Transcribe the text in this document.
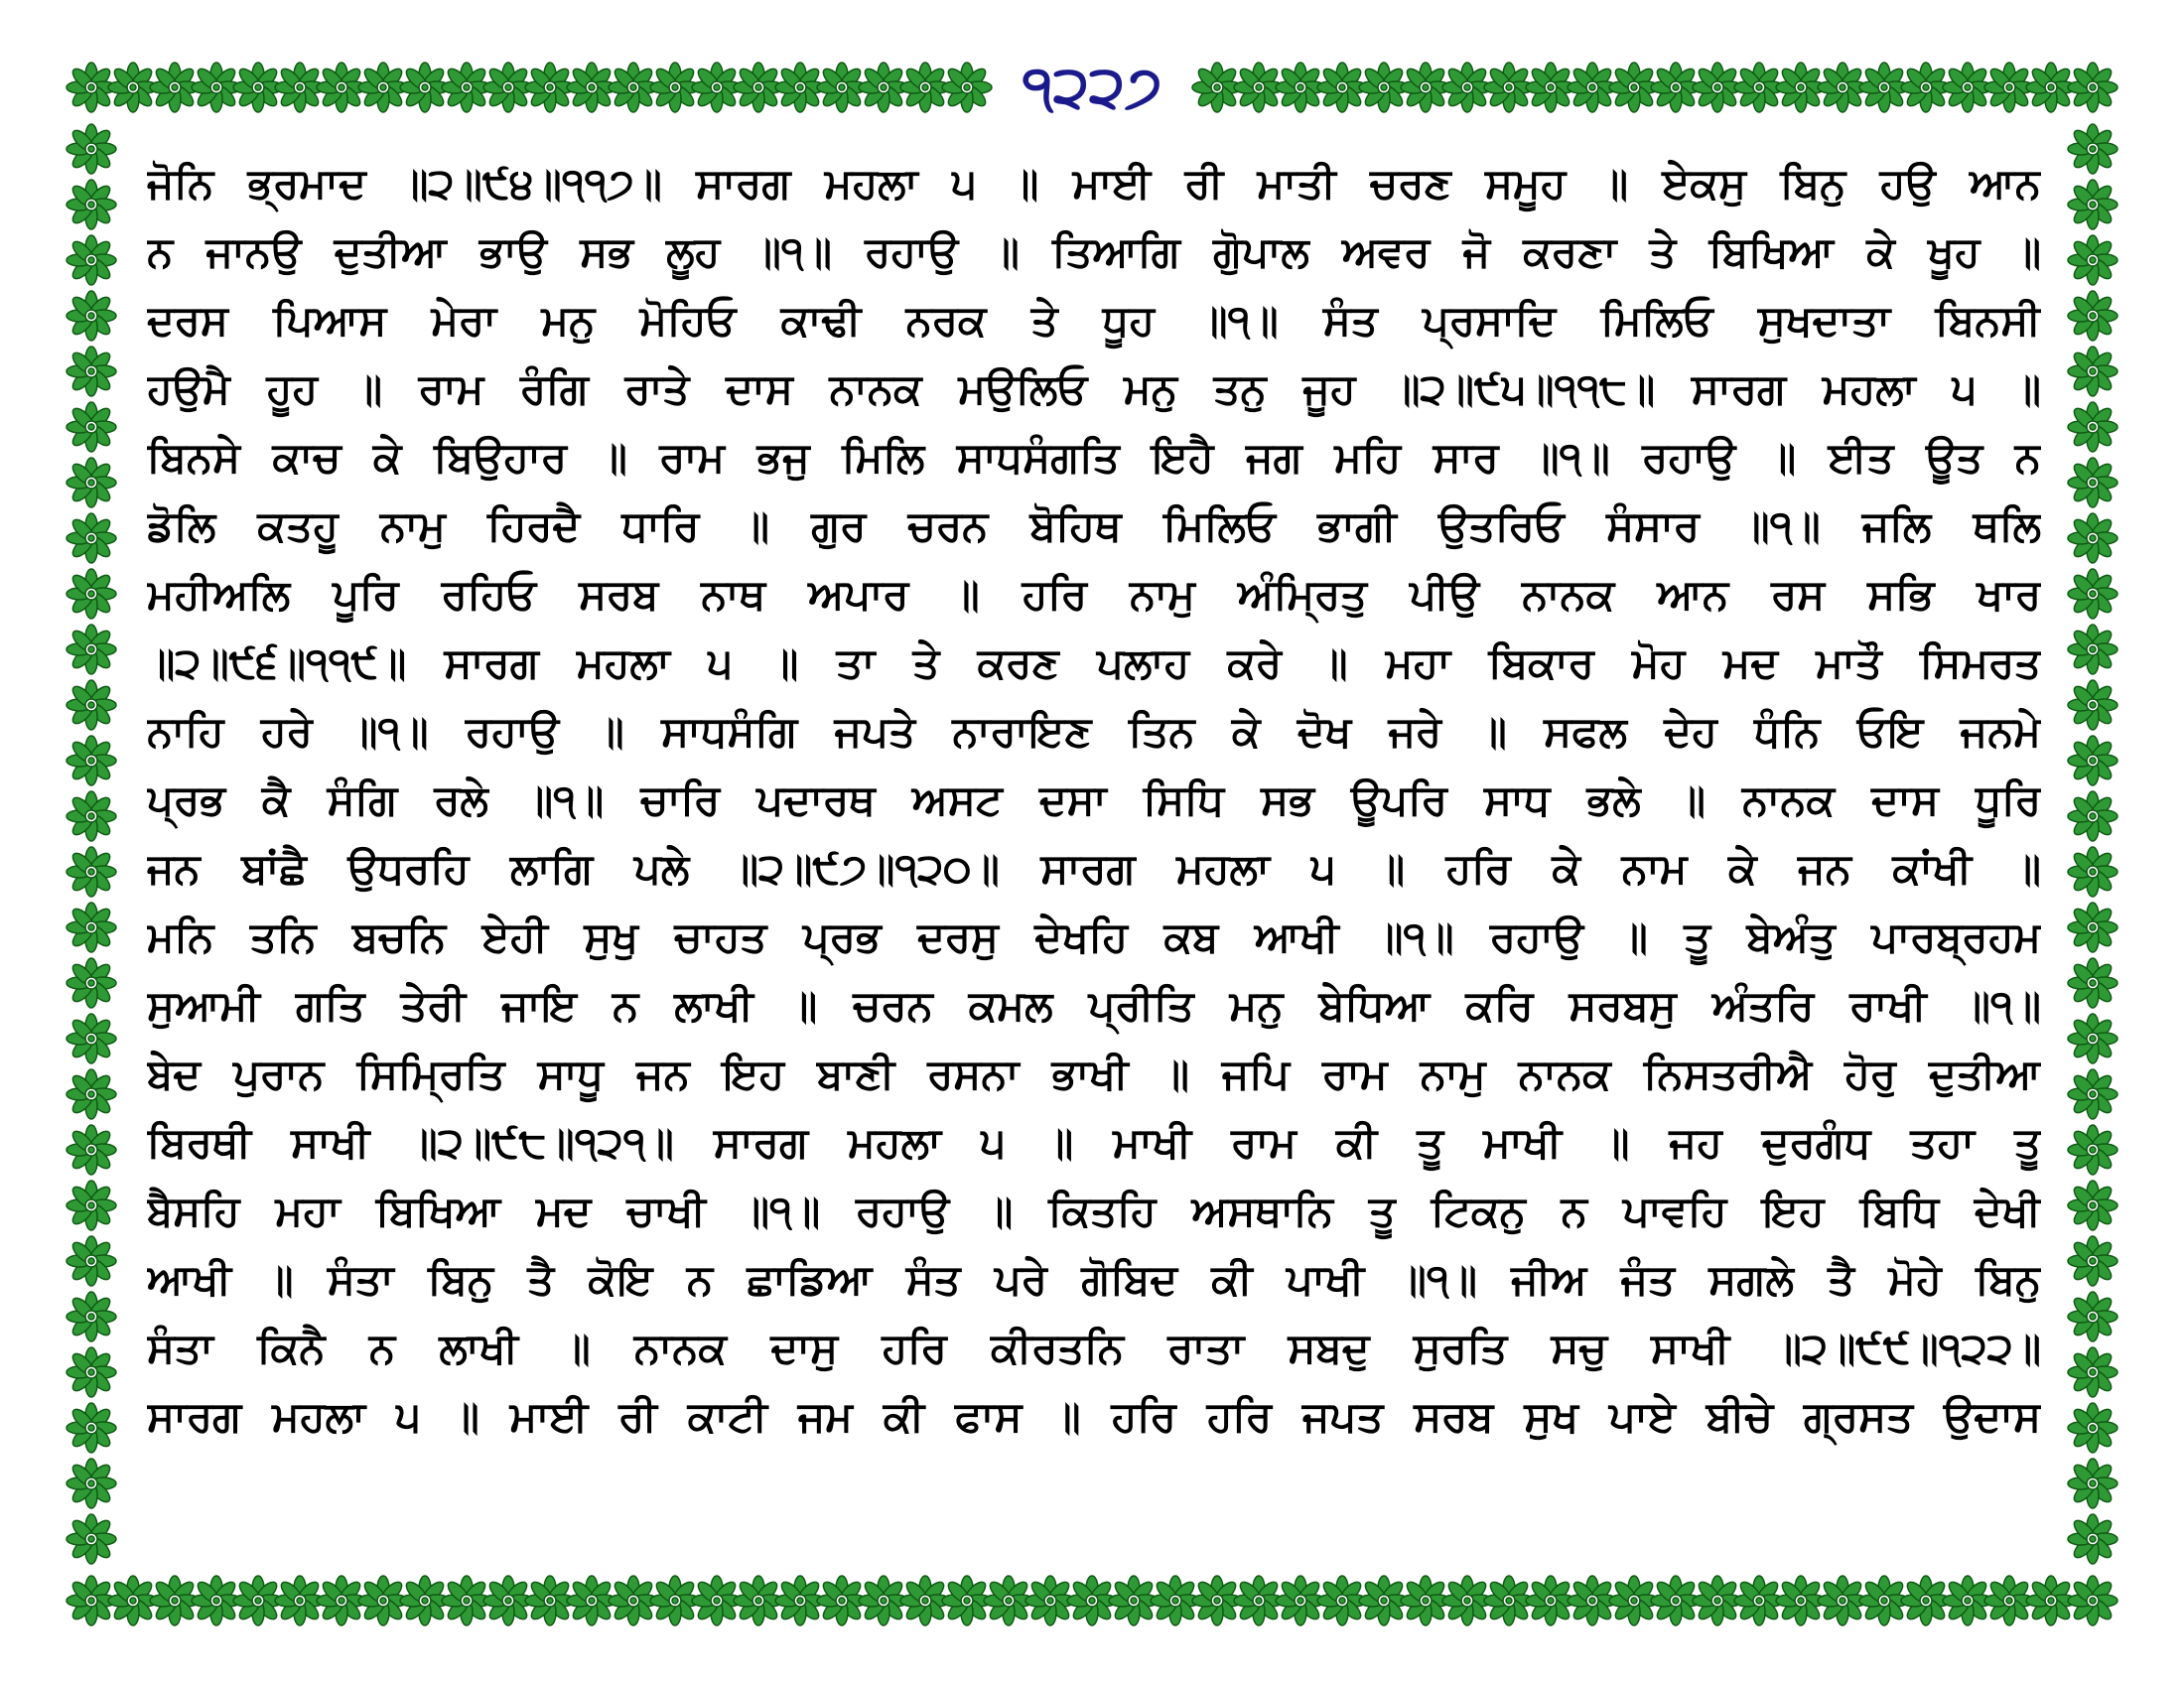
੧੨੨੭
ਜੋਨਿ ਭ੍ਰਮਾਦ ॥੨॥੯੪॥੧੧੭॥ ਸਾਰਗ ਮਹਲਾ ੫ ॥ ਮਾਈ ਰੀ ਮਾਤੀ ਚਰਣ ਸਮੂਹ ॥ ਏਕਸੁ ਬਿਨੁ ਹਉ ਆਨ
ਨ ਜਾਨਉ ਦੁਤੀਆ ਭਾਉ ਸਭ ਲੂਹ ॥੧॥ ਰਹਾਉ ॥ ਤਿਆਗਿ ਗੋੁਪਾਲ ਅਵਰ ਜੋ ਕਰਣਾ ਤੇ ਬਿਖਿਆ ਕੇ ਖੂਹ ॥
ਦਰਸ ਪਿਆਸ ਮੇਰਾ ਮਨੁ ਮੋਹਿਓ ਕਾਢੀ ਨਰਕ ਤੇ ਧੂਹ ॥੧॥ ਸੰਤ ਪ੍ਰਸਾਦਿ ਮਿਲਿਓ ਸੁਖਦਾਤਾ ਬਿਨਸੀ
ਹਉਮੈ ਹੂਹ ॥ ਰਾਮ ਰੰਗਿ ਰਾਤੇ ਦਾਸ ਨਾਨਕ ਮਉਲਿਓ ਮਨੁ ਤਨੁ ਜੂਹ ॥੨॥੯੫॥੧੧੮॥ ਸਾਰਗ ਮਹਲਾ ੫ ॥
ਬਿਨਸੇ ਕਾਚ ਕੇ ਬਿਉਹਾਰ ॥ ਰਾਮ ਭਜੁ ਮਿਲਿ ਸਾਧਸੰਗਤਿ ਇਹੈ ਜਗ ਮਹਿ ਸਾਰ ॥੧॥ ਰਹਾਉ ॥ ਈਤ ਊਤ ਨ
ਡੋਲਿ ਕਤਹੂ ਨਾਮੁ ਹਿਰਦੈ ਧਾਰਿ ॥ ਗੁਰ ਚਰਨ ਬੋਹਿਥ ਮਿਲਿਓ ਭਾਗੀ ਉਤਰਿਓ ਸੰਸਾਰ ॥੧॥ ਜਲਿ ਥਲਿ
ਮਹੀਅਲਿ ਪੂਰਿ ਰਹਿਓ ਸਰਬ ਨਾਥ ਅਪਾਰ ॥ ਹਰਿ ਨਾਮੁ ਅੰਮ੍ਰਿਤੁ ਪੀਉ ਨਾਨਕ ਆਨ ਰਸ ਸਭਿ ਖਾਰ
॥੨॥੯੬॥੧੧੯॥ ਸਾਰਗ ਮਹਲਾ ੫ ॥ ਤਾ ਤੇ ਕਰਣ ਪਲਾਹ ਕਰੇ ॥ ਮਹਾ ਬਿਕਾਰ ਮੋਹ ਮਦ ਮਾਤੌ ਸਿਮਰਤ
ਨਾਹਿ ਹਰੇ ॥੧॥ ਰਹਾਉ ॥ ਸਾਧਸੰਗਿ ਜਪਤੇ ਨਾਰਾਇਣ ਤਿਨ ਕੇ ਦੋਖ ਜਰੇ ॥ ਸਫਲ ਦੇਹ ਧੰਨਿ ਓਇ ਜਨਮੇ
ਪ੍ਰਭ ਕੈ ਸੰਗਿ ਰਲੇ ॥੧॥ ਚਾਰਿ ਪਦਾਰਥ ਅਸਟ ਦਸਾ ਸਿਧਿ ਸਭ ਊਪਰਿ ਸਾਧ ਭਲੇ ॥ ਨਾਨਕ ਦਾਸ ਧੂਰਿ
ਜਨ ਬਾਂਛੈ ਉਧਰਹਿ ਲਾਗਿ ਪਲੇ ॥੨॥੯੭॥੧੨੦॥ ਸਾਰਗ ਮਹਲਾ ੫ ॥ ਹਰਿ ਕੇ ਨਾਮ ਕੇ ਜਨ ਕਾਂਖੀ ॥
ਮਨਿ ਤਨਿ ਬਚਨਿ ਏਹੀ ਸੁਖੁ ਚਾਹਤ ਪ੍ਰਭ ਦਰਸੁ ਦੇਖਹਿ ਕਬ ਆਖੀ ॥੧॥ ਰਹਾਉ ॥ ਤੂ ਬੇਅੰਤੁ ਪਾਰਬ੍ਰਹਮ
ਸੁਆਮੀ ਗਤਿ ਤੇਰੀ ਜਾਇ ਨ ਲਾਖੀ ॥ ਚਰਨ ਕਮਲ ਪ੍ਰੀਤਿ ਮਨੁ ਬੇਧਿਆ ਕਰਿ ਸਰਬਸੁ ਅੰਤਰਿ ਰਾਖੀ ॥੧॥
ਬੇਦ ਪੁਰਾਨ ਸਿਮ੍ਰਿਤਿ ਸਾਧੂ ਜਨ ਇਹ ਬਾਣੀ ਰਸਨਾ ਭਾਖੀ ॥ ਜਪਿ ਰਾਮ ਨਾਮੁ ਨਾਨਕ ਨਿਸਤਰੀਐ ਹੋਰੁ ਦੁਤੀਆ
ਬਿਰਥੀ ਸਾਖੀ ॥੨॥੯੮॥੧੨੧॥ ਸਾਰਗ ਮਹਲਾ ੫ ॥ ਮਾਖੀ ਰਾਮ ਕੀ ਤੂ ਮਾਖੀ ॥ ਜਹ ਦੁਰਗੰਧ ਤਹਾ ਤੂ
ਬੈਸਹਿ ਮਹਾ ਬਿਖਿਆ ਮਦ ਚਾਖੀ ॥੧॥ ਰਹਾਉ ॥ ਕਿਤਹਿ ਅਸਥਾਨਿ ਤੂ ਟਿਕਨੁ ਨ ਪਾਵਹਿ ਇਹ ਬਿਧਿ ਦੇਖੀ
ਆਖੀ ॥ ਸੰਤਾ ਬਿਨੁ ਤੈ ਕੋਇ ਨ ਛਾਡਿਆ ਸੰਤ ਪਰੇ ਗੋਬਿਦ ਕੀ ਪਾਖੀ ॥੧॥ ਜੀਅ ਜੰਤ ਸਗਲੇ ਤੈ ਮੋਹੇ ਬਿਨੁ
ਸੰਤਾ ਕਿਨੈ ਨ ਲਾਖੀ ॥ ਨਾਨਕ ਦਾਸੁ ਹਰਿ ਕੀਰਤਨਿ ਰਾਤਾ ਸਬਦੁ ਸੁਰਤਿ ਸਚੁ ਸਾਖੀ ॥੨॥੯੯॥੧੨੨॥
ਸਾਰਗ ਮਹਲਾ ੫ ॥ ਮਾਈ ਰੀ ਕਾਟੀ ਜਮ ਕੀ ਫਾਸ ॥ ਹਰਿ ਹਰਿ ਜਪਤ ਸਰਬ ਸੁਖ ਪਾਏ ਬੀਚੇ ਗ੍ਰਸਤ ਉਦਾਸ
